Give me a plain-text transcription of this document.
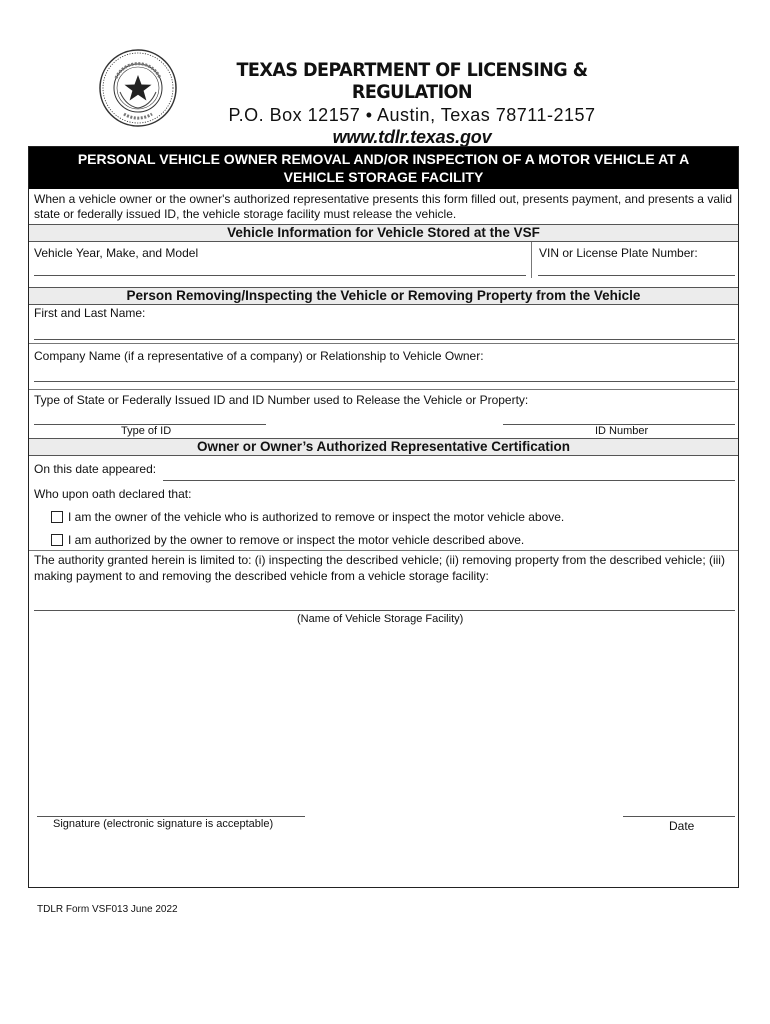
TEXAS DEPARTMENT OF LICENSING & REGULATION
P.O. Box 12157 • Austin, Texas 78711-2157
www.tdlr.texas.gov
PERSONAL VEHICLE OWNER REMOVAL AND/OR INSPECTION OF A MOTOR VEHICLE AT A
VEHICLE STORAGE FACILITY
When a vehicle owner or the owner's authorized representative presents this form filled out, presents payment, and presents a valid state or federally issued ID, the vehicle storage facility must release the vehicle.
Vehicle Information for Vehicle Stored at the VSF
Vehicle Year, Make, and Model	VIN or License Plate Number:
Person Removing/Inspecting the Vehicle or Removing Property from the Vehicle
First and Last Name:
Company Name (if a representative of a company) or Relationship to Vehicle Owner:
Type of State or Federally Issued ID and ID Number used to Release the Vehicle or Property:
Type of ID	ID Number
Owner or Owner’s Authorized Representative Certification
On this date appeared:
Who upon oath declared that:
I am the owner of the vehicle who is authorized to remove or inspect the motor vehicle above.
I am authorized by the owner to remove or inspect the motor vehicle described above.
The authority granted herein is limited to: (i) inspecting the described vehicle; (ii) removing property from the described vehicle; (iii) making payment to and removing the described vehicle from a vehicle storage facility:
(Name of Vehicle Storage Facility)
Signature (electronic signature is acceptable)	Date
TDLR Form VSF013 June 2022
